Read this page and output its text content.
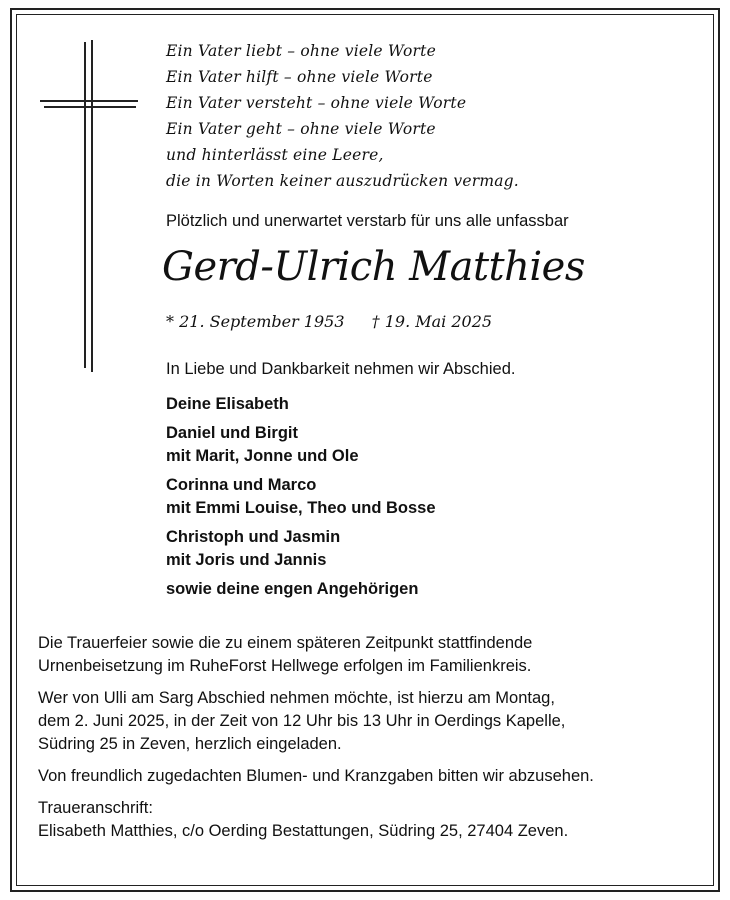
Ein Vater liebt – ohne viele Worte
Ein Vater hilft – ohne viele Worte
Ein Vater versteht – ohne viele Worte
Ein Vater geht – ohne viele Worte
und hinterlässt eine Leere,
die in Worten keiner auszudrücken vermag.
Plötzlich und unerwartet verstarb für uns alle unfassbar
Gerd-Ulrich Matthies
* 21. September 1953 † 19. Mai 2025
In Liebe und Dankbarkeit nehmen wir Abschied.
Deine Elisabeth
Daniel und Birgit
mit Marit, Jonne und Ole
Corinna und Marco
mit Emmi Louise, Theo und Bosse
Christoph und Jasmin
mit Joris und Jannis
sowie deine engen Angehörigen
Die Trauerfeier sowie die zu einem späteren Zeitpunkt stattfindende
Urnenbeisetzung im RuheForst Hellwege erfolgen im Familienkreis.
Wer von Ulli am Sarg Abschied nehmen möchte, ist hierzu am Montag,
dem 2. Juni 2025, in der Zeit von 12 Uhr bis 13 Uhr in Oerdings Kapelle,
Südring 25 in Zeven, herzlich eingeladen.
Von freundlich zugedachten Blumen- und Kranzgaben bitten wir abzusehen.
Traueranschrift:
Elisabeth Matthies, c/o Oerding Bestattungen, Südring 25, 27404 Zeven.
